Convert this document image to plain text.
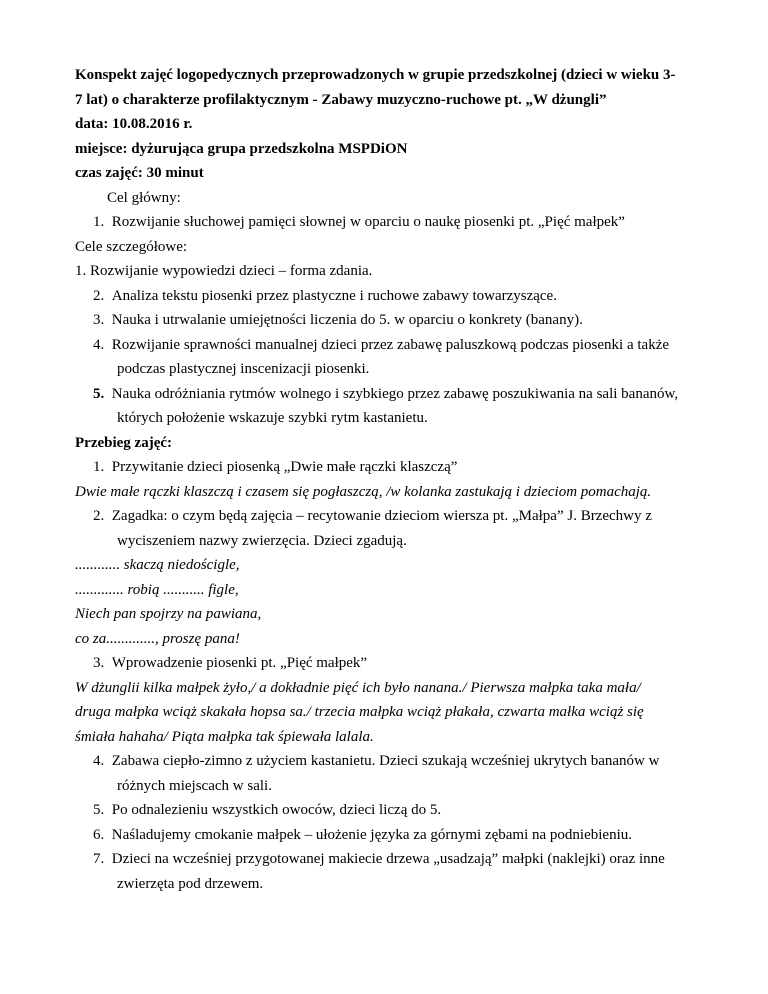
Konspekt zajęć logopedycznych przeprowadzonych w grupie przedszkolnej (dzieci w wieku 3-
7 lat) o charakterze profilaktycznym - Zabawy muzyczno-ruchowe pt. „W dżungli”
data: 10.08.2016 r.
miejsce: dyżurująca grupa przedszkolna MSPDiON
czas zajęć: 30 minut
Cel główny:
1. Rozwijanie słuchowej pamięci słownej w oparciu o naukę piosenki pt. „Pięć małpek”
Cele szczegółowe:
1. Rozwijanie wypowiedzi dzieci – forma zdania.
2. Analiza tekstu piosenki przez plastyczne i ruchowe zabawy towarzyszące.
3. Nauka i utrwalanie umiejętności liczenia do 5. w oparciu o konkrety (banany).
4. Rozwijanie sprawności manualnej dzieci przez zabawę paluszkową podczas piosenki a także podczas plastycznej inscenizacji piosenki.
5. Nauka odróżniania rytmów wolnego i szybkiego przez zabawę poszukiwania na sali bananów, których położenie wskazuje szybki rytm kastanietu.
Przebieg zajęć:
1. Przywitanie dzieci piosenką „Dwie małe rączki klaszczą”
Dwie małe rączki klaszczą i czasem się pogłaszczą, /w kolanka zastukają i dzieciom pomachają.
2. Zagadka: o czym będą zajęcia – recytowanie dzieciom wiersza pt. „Małpa” J. Brzechwy z wyciszeniem nazwy zwierzęcia. Dzieci zgadują.
............ skaczą niedościgle,
............. robią ........... figle,
Niech pan spojrzy na pawiana,
co za............., proszę pana!
3. Wprowadzenie piosenki pt. „Pięć małpek”
W dżunglii kilka małpek żyło,/ a dokładnie pięć ich było nanana./ Pierwsza małpka taka mała/
druga małpka wciąż skakała hopsa sa./ trzecia małpka wciąż płakała, czwarta małka wciąż się
śmiała hahaha/ Piąta małpka tak śpiewała lalala.
4. Zabawa ciepło-zimno z użyciem kastanietu. Dzieci szukają wcześniej ukrytych bananów w różnych miejscach w sali.
5. Po odnalezieniu wszystkich owoców, dzieci liczą do 5.
6. Naśladujemy cmokanie małpek – ułożenie języka za górnymi zębami na podniebieniu.
7. Dzieci na wcześniej przygotowanej makiecie drzewa „usadzają” małpki (naklejki) oraz inne zwierzęta pod drzewem.
